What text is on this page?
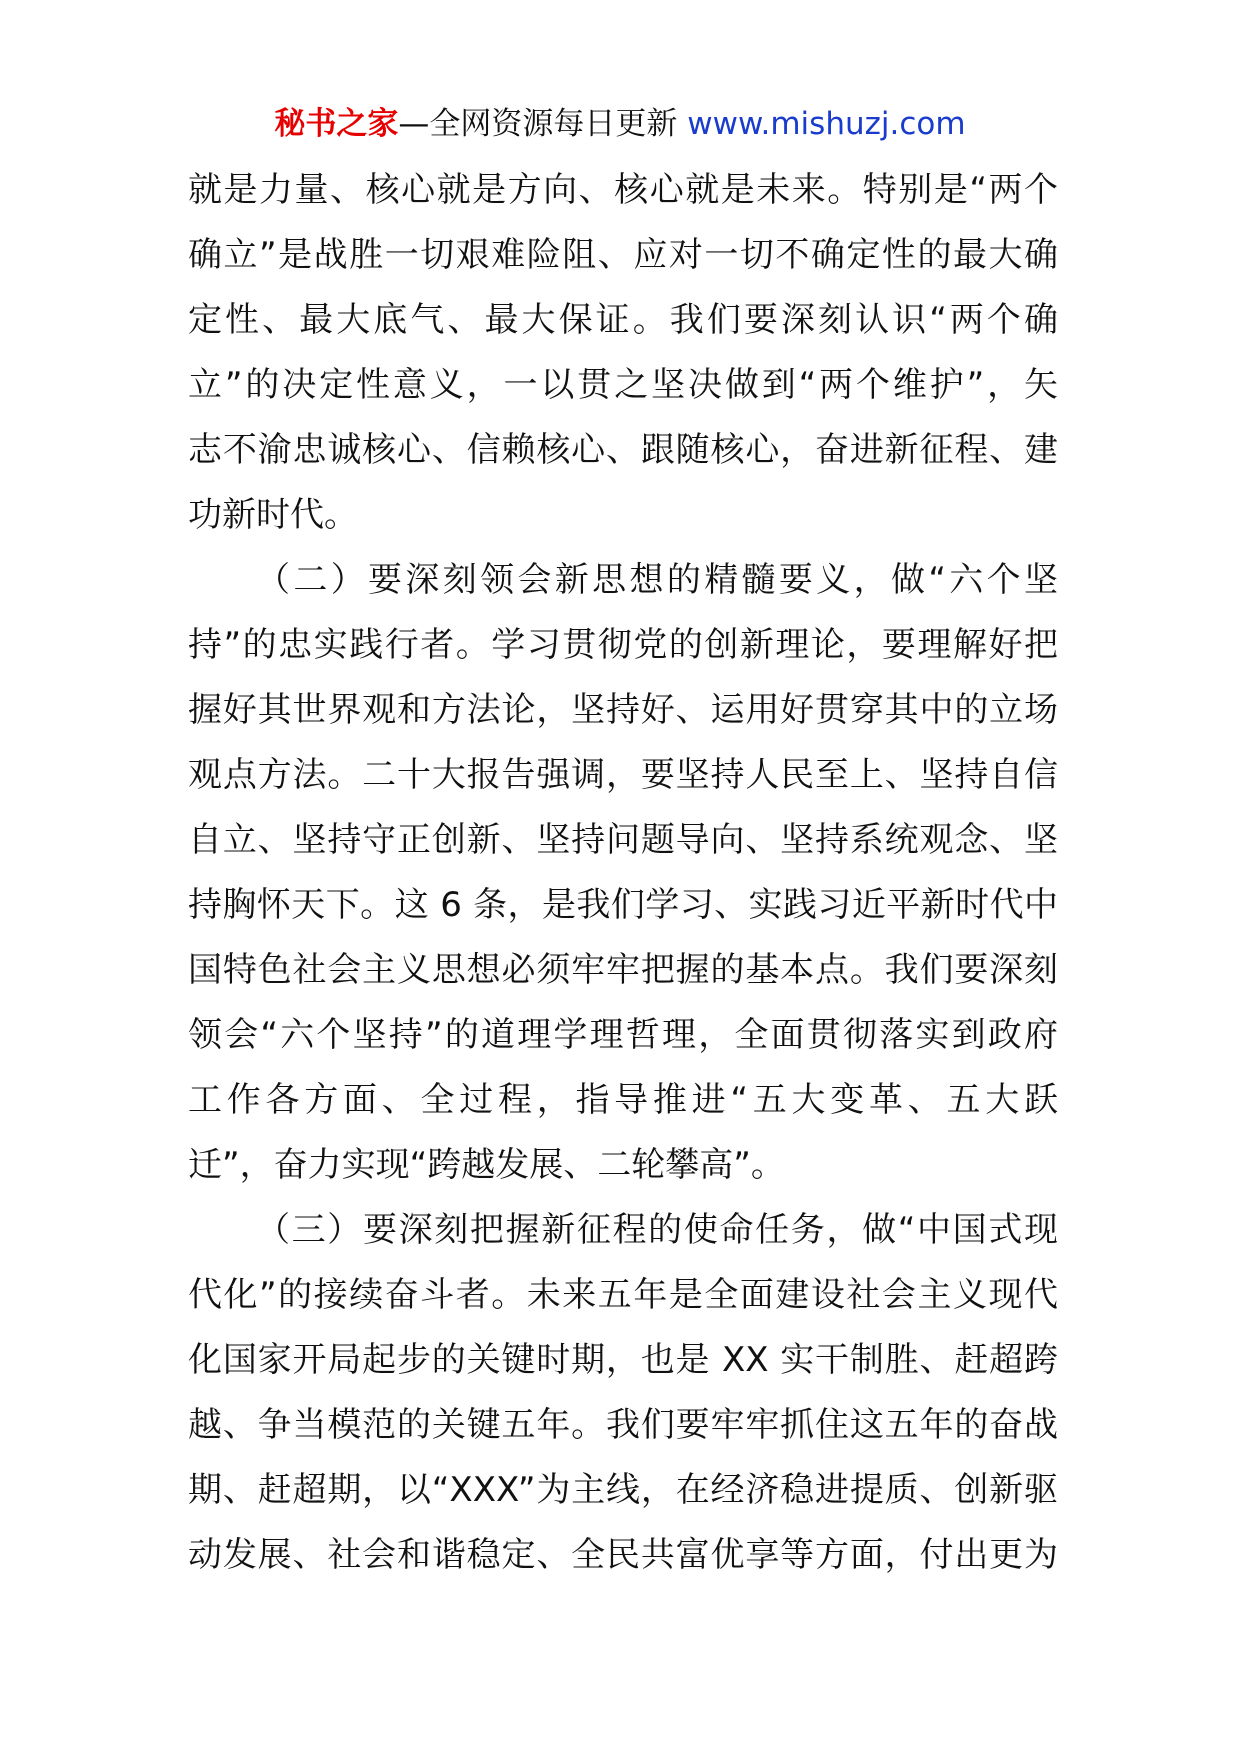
秘书之家—全网资源每日更新 www.mishuzj.com
就是力量、核心就是方向、核心就是未来。特别是“两个
确立”是战胜一切艰难险阻、应对一切不确定性的最大确
定性、最大底气、最大保证。我们要深刻认识“两个确
立”的决定性意义，一以贯之坚决做到“两个维护”，矢
志不渝忠诚核心、信赖核心、跟随核心，奋进新征程、建
功新时代。
（二）要深刻领会新思想的精髓要义，做“六个坚
持”的忠实践行者。学习贯彻党的创新理论，要理解好把
握好其世界观和方法论，坚持好、运用好贯穿其中的立场
观点方法。二十大报告强调，要坚持人民至上、坚持自信
自立、坚持守正创新、坚持问题导向、坚持系统观念、坚
持胸怀天下。这 6 条，是我们学习、实践习近平新时代中
国特色社会主义思想必须牢牢把握的基本点。我们要深刻
领会“六个坚持”的道理学理哲理，全面贯彻落实到政府
工作各方面、全过程，指导推进“五大变革、五大跃
迁”，奋力实现“跨越发展、二轮攀高”。
（三）要深刻把握新征程的使命任务，做“中国式现
代化”的接续奋斗者。未来五年是全面建设社会主义现代
化国家开局起步的关键时期，也是 XX 实干制胜、赶超跨
越、争当模范的关键五年。我们要牢牢抓住这五年的奋战
期、赶超期，以“XXX”为主线，在经济稳进提质、创新驱
动发展、社会和谐稳定、全民共富优享等方面，付出更为
